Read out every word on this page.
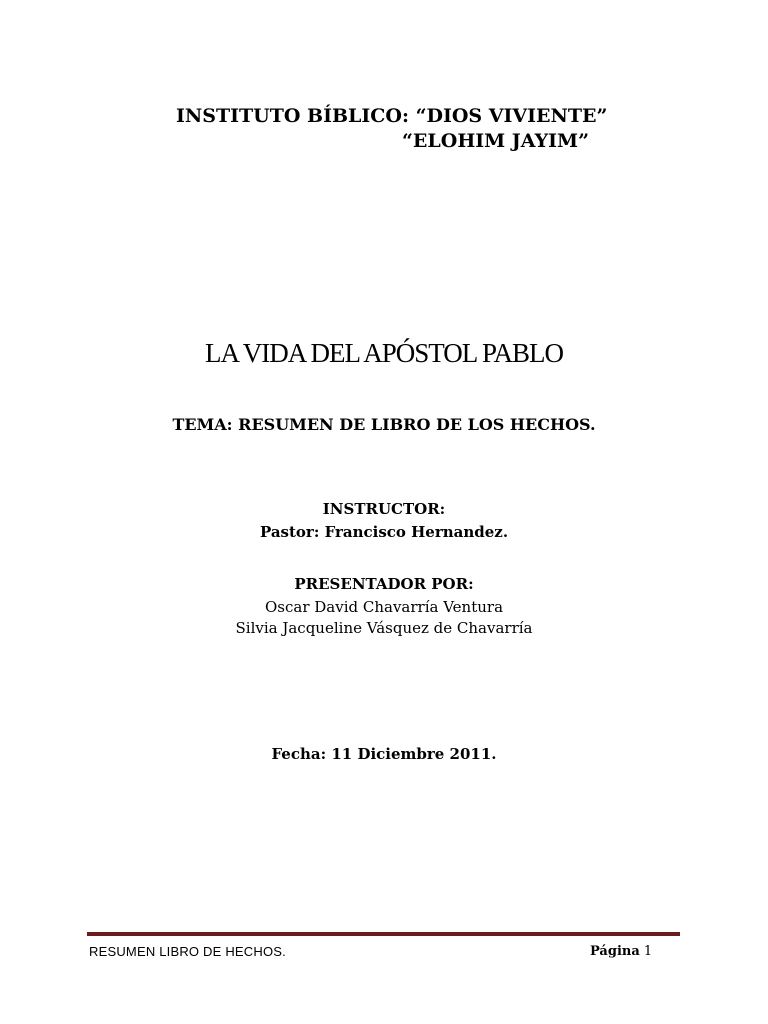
INSTITUTO BÍBLICO: “DIOS VIVIENTE”
“ELOHIM JAYIM”
LA VIDA DEL APÓSTOL PABLO
TEMA: RESUMEN DE LIBRO DE LOS HECHOS.
INSTRUCTOR:
Pastor: Francisco Hernandez.
PRESENTADOR POR:
Oscar David Chavarría Ventura
Silvia Jacqueline Vásquez de Chavarría
Fecha: 11 Diciembre 2011.
RESUMEN LIBRO DE HECHOS.	Página 1
